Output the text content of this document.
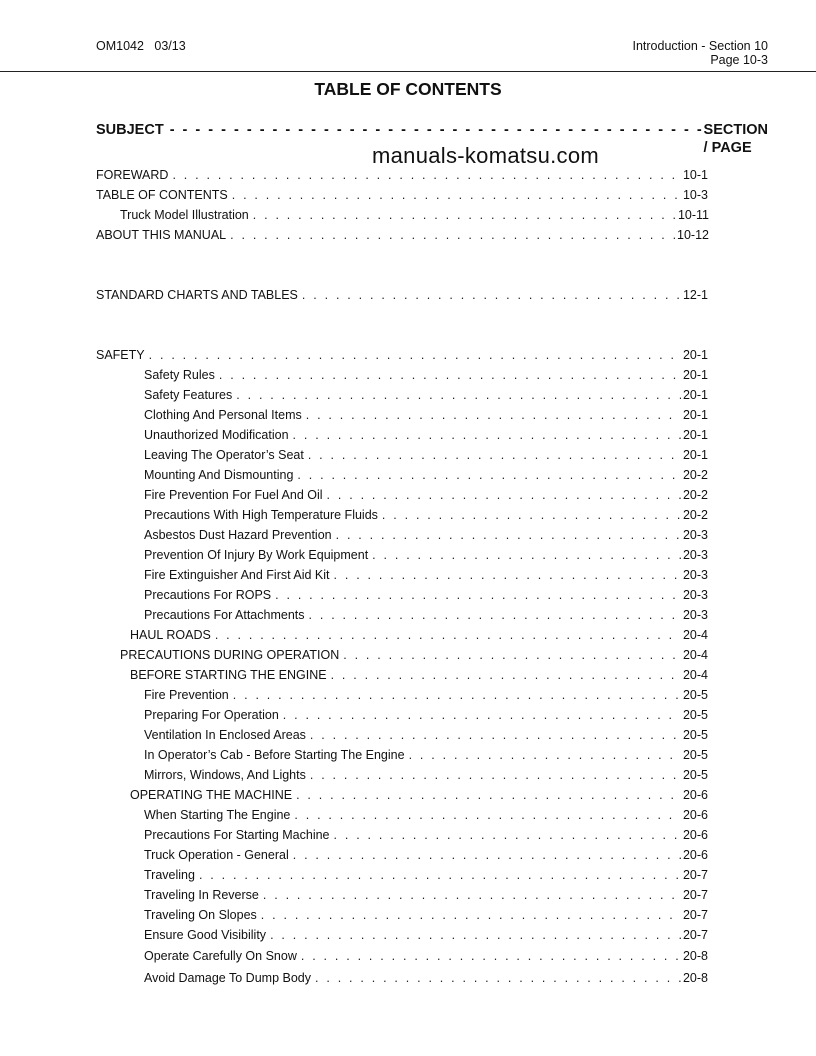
OM1042   03/13	Introduction - Section 10
Page 10-3
TABLE OF CONTENTS
SUBJECT - - -	SECTION / PAGE
manuals-komatsu.com
FOREWARD . . .	10-1
TABLE OF CONTENTS . . .	10-3
Truck Model Illustration . . .	10-11
ABOUT THIS MANUAL . . .	10-12
STANDARD CHARTS AND TABLES . . .	12-1
SAFETY . . .	20-1
Safety Rules . . .	20-1
Safety Features . . .	20-1
Clothing And Personal Items . . .	20-1
Unauthorized Modification . . .	20-1
Leaving The Operator’s Seat . . .	20-1
Mounting And Dismounting . . .	20-2
Fire Prevention For Fuel And Oil . . .	20-2
Precautions With High Temperature Fluids . . .	20-2
Asbestos Dust Hazard Prevention . . .	20-3
Prevention Of Injury By Work Equipment . . .	20-3
Fire Extinguisher And First Aid Kit . . .	20-3
Precautions For ROPS . . .	20-3
Precautions For Attachments . . .	20-3
HAUL ROADS . . .	20-4
PRECAUTIONS DURING OPERATION . . .	20-4
BEFORE STARTING THE ENGINE . . .	20-4
Fire Prevention . . .	20-5
Preparing For Operation . . .	20-5
Ventilation In Enclosed Areas . . .	20-5
In Operator’s Cab - Before Starting The Engine . . .	20-5
Mirrors, Windows, And Lights . . .	20-5
OPERATING THE MACHINE . . .	20-6
When Starting The Engine . . .	20-6
Precautions For Starting Machine . . .	20-6
Truck Operation - General . . .	20-6
Traveling . . .	20-7
Traveling In Reverse . . .	20-7
Traveling On Slopes . . .	20-7
Ensure Good Visibility . . .	20-7
Operate Carefully On Snow . . .	20-8
Avoid Damage To Dump Body . . .	20-8
